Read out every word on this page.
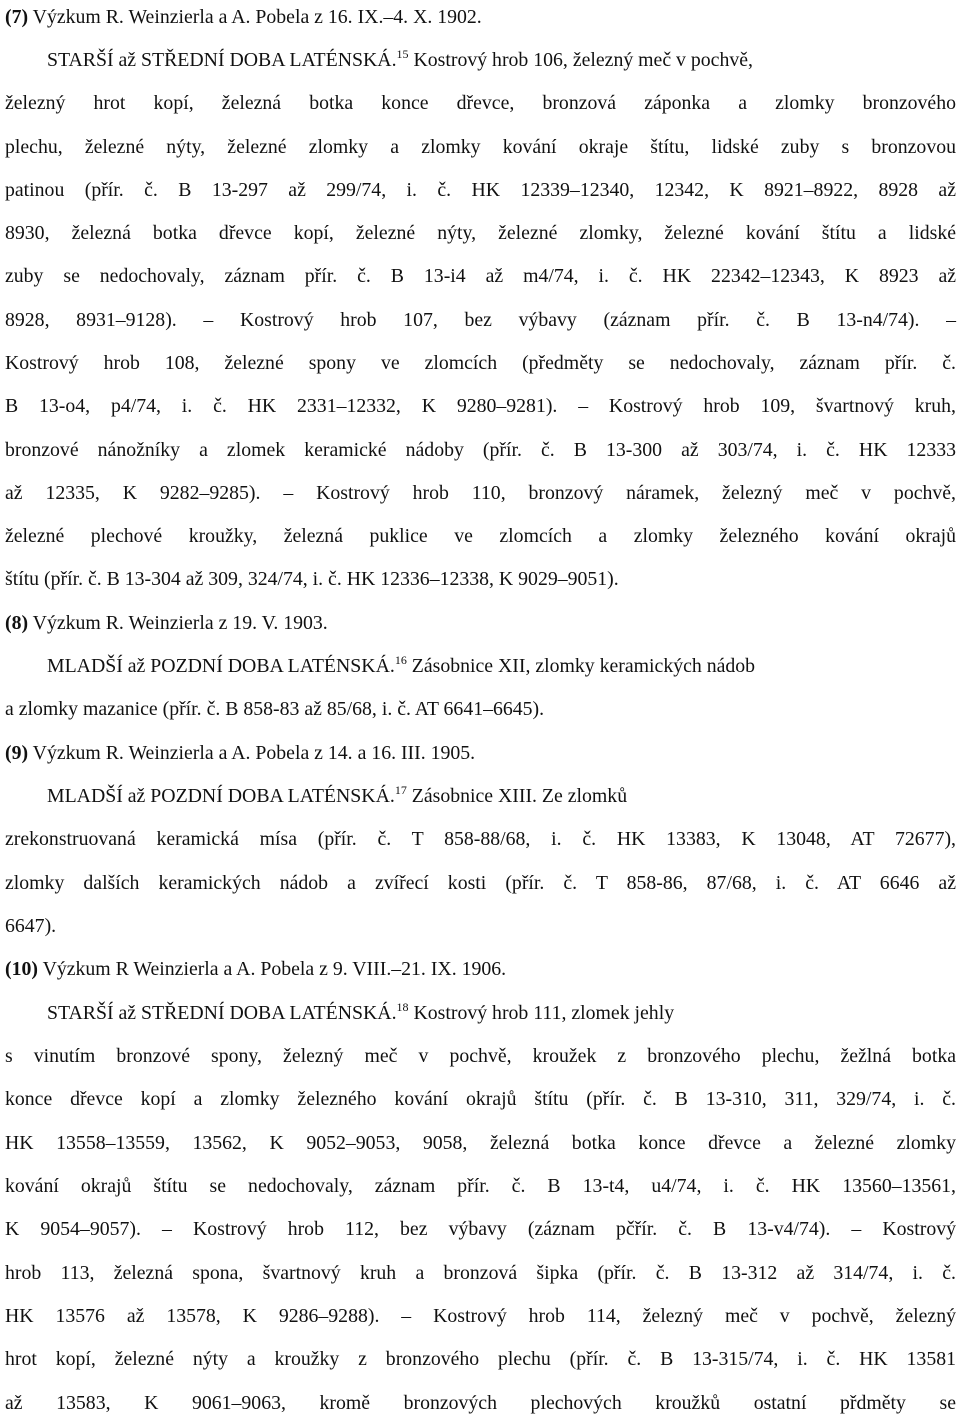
(7) Výzkum R. Weinzierla a A. Pobela z 16. IX.–4. X. 1902.
STARŠÍ až STŘEDNÍ DOBA LATÉNSKÁ.$^{15}$ Kostrový hrob 106, železný meč v pochvě,
železný hrot kopí, železná botka konce dřevce, bronzová záponka a zlomky bronzového
plechu, železné nýty, železné zlomky a zlomky kování okraje štítu, lidské zuby s bronzovou
patinou (přír. č. B 13-297 až 299/74, i. č. HK 12339–12340, 12342, K 8921–8922, 8928 až
8930, železná botka dřevce kopí, železné nýty, železné zlomky, železné kování štítu a lidské
zuby se nedochovaly, záznam přír. č. B 13-i4 až m4/74, i. č. HK 22342–12343, K 8923 až
8928, 8931–9128). – Kostrový hrob 107, bez výbavy (záznam přír. č. B 13-n4/74). –
Kostrový hrob 108, železné spony ve zlomcích (předměty se nedochovaly, záznam přír. č.
B 13-o4, p4/74, i. č. HK 2331–12332, K 9280–9281). – Kostrový hrob 109, švartnový kruh,
bronzové nánožníky a zlomek keramické nádoby (přír. č. B 13-300 až 303/74, i. č. HK 12333
až 12335, K 9282–9285). – Kostrový hrob 110, bronzový náramek, železný meč v pochvě,
železné plechové kroužky, železná puklice ve zlomcích a zlomky železného kování okrajů
štítu (přír. č. B 13-304 až 309, 324/74, i. č. HK 12336–12338, K 9029–9051).
(8) Výzkum R. Weinzierla z 19. V. 1903.
MLADŠÍ až POZDNÍ DOBA LATÉNSKÁ.$^{16}$ Zásobnice XII, zlomky keramických nádob
a zlomky mazanice (přír. č. B 858-83 až 85/68, i. č. AT 6641–6645).
(9) Výzkum R. Weinzierla a A. Pobela z 14. a 16. III. 1905.
MLADŠÍ až POZDNÍ DOBA LATÉNSKÁ.$^{17}$ Zásobnice XIII. Ze zlomků
zrekonstruovaná keramická mísa (přír. č. T 858-88/68, i. č. HK 13383, K 13048, AT 72677),
zlomky dalších keramických nádob a zvířecí kosti (přír. č. T 858-86, 87/68, i. č. AT 6646 až
6647).
(10) Výzkum R Weinzierla a A. Pobela z 9. VIII.–21. IX. 1906.
STARŠÍ až STŘEDNÍ DOBA LATÉNSKÁ.$^{18}$ Kostrový hrob 111, zlomek jehly
s vinutím bronzové spony, železný meč v pochvě, kroužek z bronzového plechu, žežlná botka
konce dřevce kopí a zlomky železného kování okrajů štítu (přír. č. B 13-310, 311, 329/74, i. č.
HK 13558–13559, 13562, K 9052–9053, 9058, železná botka konce dřevce a železné zlomky
kování okrajů štítu se nedochovaly, záznam přír. č. B 13-t4, u4/74, i. č. HK 13560–13561,
K 9054–9057). – Kostrový hrob 112, bez výbavy (záznam pčřír. č. B 13-v4/74). – Kostrový
hrob 113, železná spona, švartnový kruh a bronzová šipka (přír. č. B 13-312 až 314/74, i. č.
HK 13576 až 13578, K 9286–9288). – Kostrový hrob 114, železný meč v pochvě, železný
hrot kopí, železné nýty a kroužky z bronzového plechu (přír. č. B 13-315/74, i. č. HK 13581
až 13583, K 9061–9063, kromě bronzových plechových kroužků ostatní přdměty se
